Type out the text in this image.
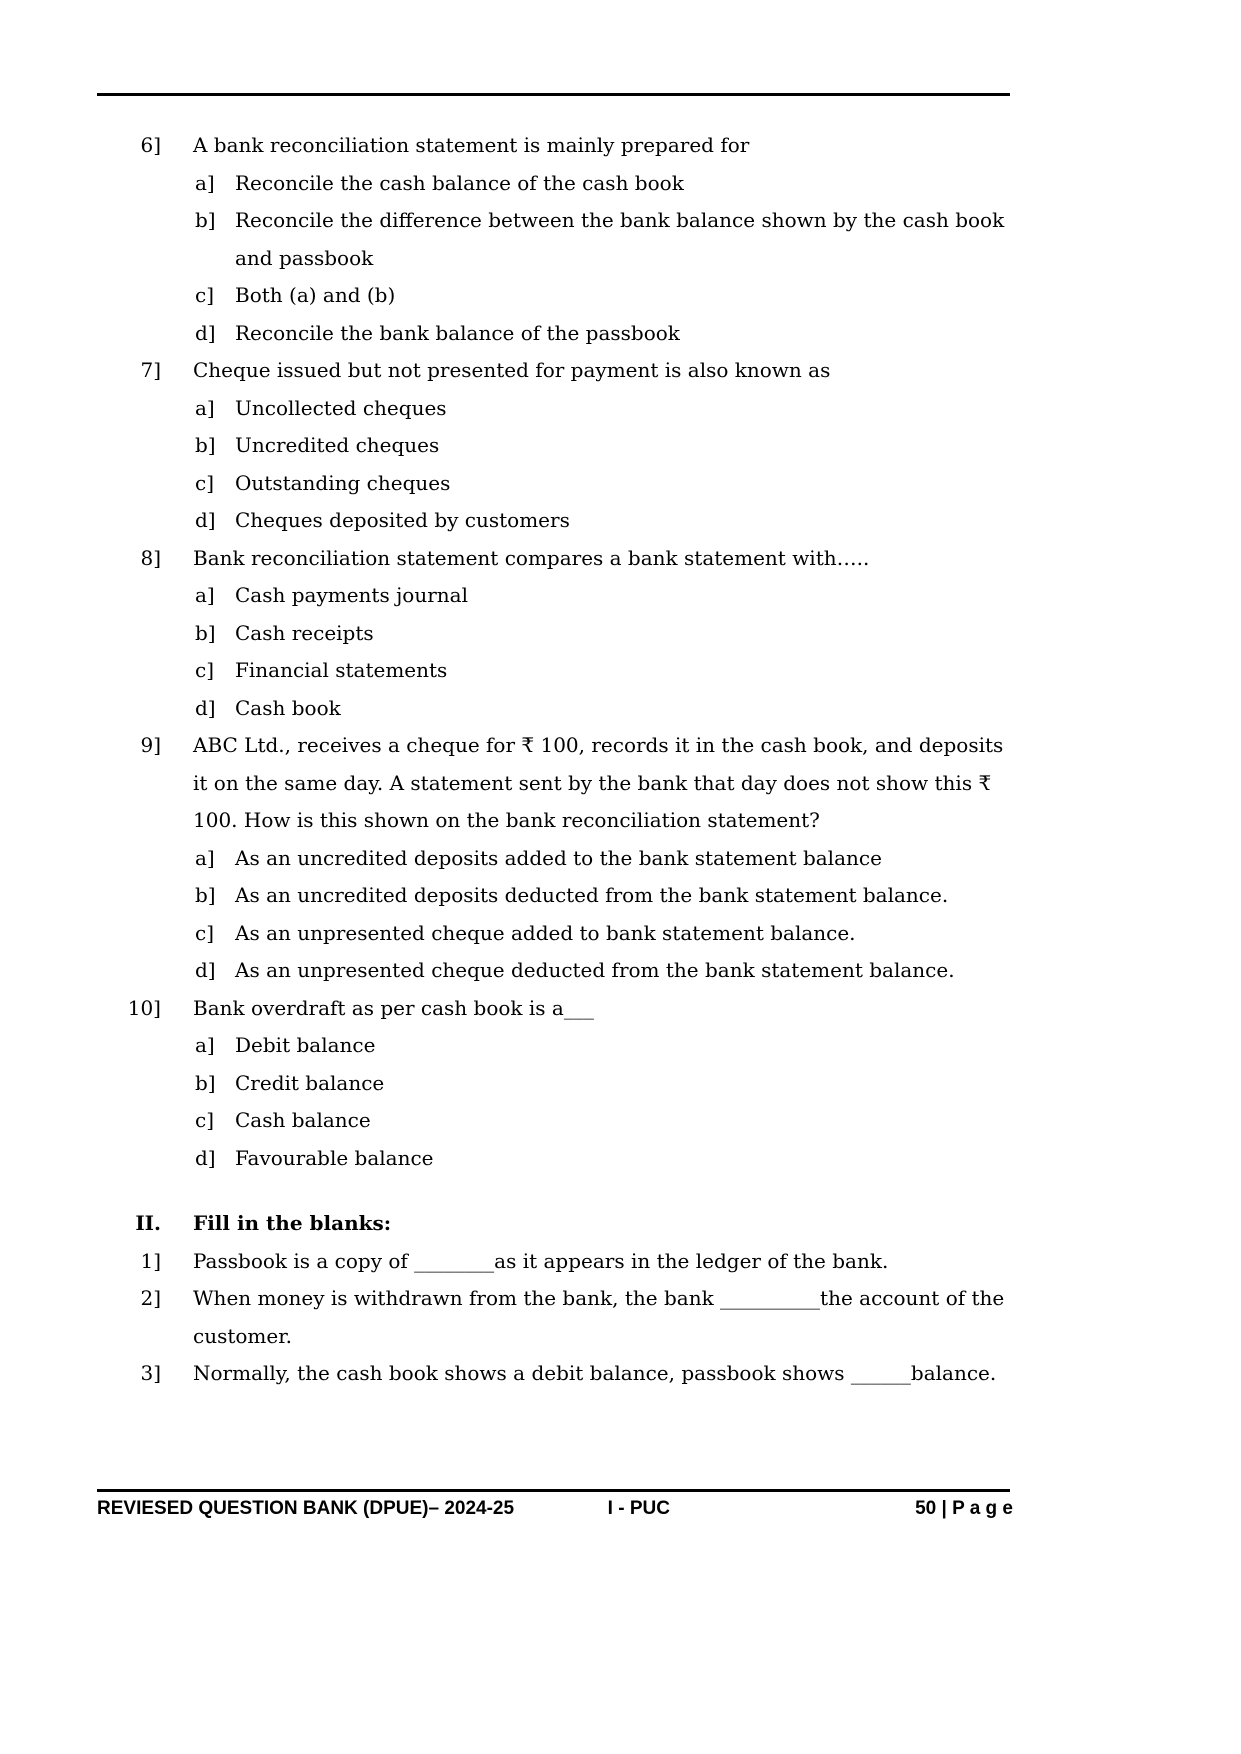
6] A bank reconciliation statement is mainly prepared for
a]	Reconcile the cash balance of the cash book
b] Reconcile the difference between the bank balance shown by the cash book and passbook
c]	Both (a) and (b)
d] Reconcile the bank balance of the passbook
7] Cheque issued but not presented for payment is also known as
a]	Uncollected cheques
b] Uncredited cheques
c]	Outstanding cheques
d] Cheques deposited by customers
8] Bank reconciliation statement compares a bank statement with…..
a]	Cash payments journal
b] Cash receipts
c]	Financial statements
d] Cash book
9] ABC Ltd., receives a cheque for ₹ 100, records it in the cash book, and deposits it on the same day. A statement sent by the bank that day does not show this ₹ 100. How is this shown on the bank reconciliation statement?
a]	As an uncredited deposits added to the bank statement balance
b] As an uncredited deposits deducted from the bank statement balance.
c]	As an unpresented cheque added to bank statement balance.
d] As an unpresented cheque deducted from the bank statement balance.
10] Bank overdraft as per cash book is a___
a]	Debit balance
b] Credit balance
c]	Cash balance
d] Favourable balance
II. Fill in the blanks:
1] Passbook is a copy of ________as it appears in the ledger of the bank.
2] When money is withdrawn from the bank, the bank __________the account of the customer.
3] Normally, the cash book shows a debit balance, passbook shows ______balance.
REVIESED QUESTION BANK (DPUE)– 2024-25	I - PUC	50 | P a g e
